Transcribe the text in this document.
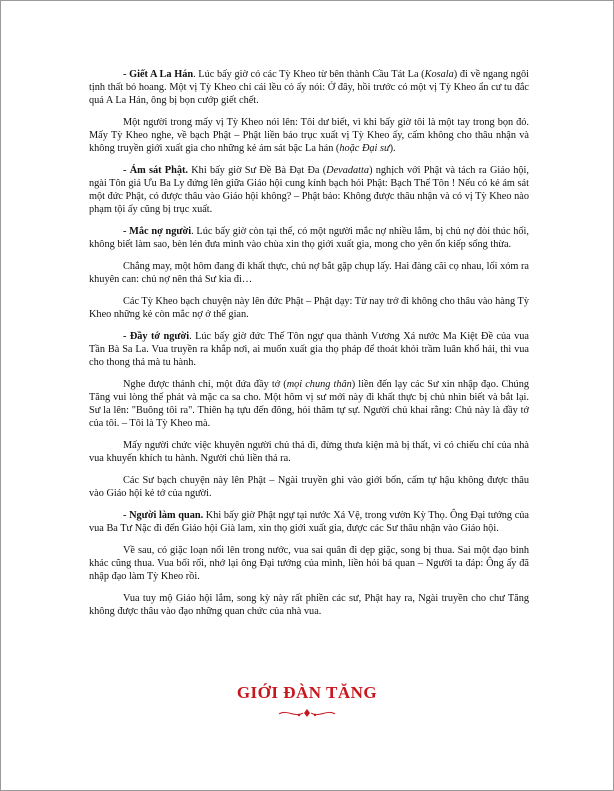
- Giết A La Hán. Lúc bấy giờ có các Tỳ Kheo từ bên thành Cầu Tát La (Kosala) đi về ngang ngôi tịnh thất bỏ hoang. Một vị Tỳ Kheo chỉ cái lều cỏ ấy nói: Ở đây, hồi trước có một vị Tỳ Kheo ẩn cư tu đắc quả A La Hán, ông bị bọn cướp giết chết.

Một người trong mấy vị Tỳ Kheo nói lên: Tôi dư biết, vì khi bấy giờ tôi là một tay trong bọn đó. Mấy Tỳ Kheo nghe, về bạch Phật – Phật liền bảo trục xuất vị Tỳ Kheo ấy, cấm không cho thâu nhận và không truyền giới xuất gia cho những kẻ ám sát bậc La hán (hoặc Đại sư).

- Ám sát Phật. Khi bấy giờ Sư Đề Bà Đạt Đa (Devadatta) nghịch với Phật và tách ra Giáo hội, ngài Tôn giả Ưu Ba Ly đứng lên giữa Giáo hội cung kính bạch hỏi Phật: Bạch Thế Tôn ! Nếu có kẻ ám sát một đức Phật, có được thâu vào Giáo hội không? – Phật bảo: Không được thâu nhận và có vị Tỳ Kheo nào phạm tội ấy cũng bị trục xuất.

- Mắc nợ người. Lúc bấy giờ còn tại thế, có một người mắc nợ nhiều lắm, bị chủ nợ đòi thúc hối, không biết làm sao, bèn lén đưa mình vào chùa xin thọ giới xuất gia, mong cho yên ổn kiếp sống thừa.

Chẳng may, một hôm đang đi khất thực, chủ nợ bắt gặp chụp lấy. Hai đàng cãi cọ nhau, lối xóm ra khuyên can: chủ nợ nên thả Sư kia đi…

Các Tỳ Kheo bạch chuyện này lên đức Phật – Phật dạy: Từ nay trở đi không cho thâu vào hàng Tỳ Kheo những kẻ còn mắc nợ ở thế gian.

- Đầy tớ người. Lúc bấy giờ đức Thế Tôn ngự qua thành Vương Xá nước Ma Kiệt Đề của vua Tần Bà Sa La. Vua truyền ra khắp nơi, ai muốn xuất gia thọ pháp để thoát khỏi trầm luân khổ hải, thì vua cho thong thả mà tu hành.

Nghe được thánh chỉ, một đứa đầy tớ (mọi chung thân) liền đến lạy các Sư xin nhập đạo. Chúng Tăng vui lòng thế phát và mặc ca sa cho. Một hôm vị sư mới này đi khất thực bị chủ nhìn biết và bắt lại. Sư la lên: "Buông tôi ra". Thiên hạ tựu đến đông, hỏi thăm tự sự. Người chủ khai rằng: Chủ này là đầy tớ của tôi. – Tôi là Tỳ Kheo mà.

Mấy người chức việc khuyên người chủ thả đi, đừng thưa kiện mà bị thất, vì có chiếu chỉ của nhà vua khuyến khích tu hành. Người chủ liền thả ra.

Các Sư bạch chuyện này lên Phật – Ngài truyền ghi vào giới bổn, cấm tự hậu không được thâu vào Giáo hội kẻ tớ của người.

- Người làm quan. Khi bấy giờ Phật ngự tại nước Xá Vệ, trong vườn Kỳ Thọ. Ông Đại tướng của vua Ba Tư Nặc đi đến Giáo hội Già lam, xin thọ giới xuất gia, được các Sư thâu nhận vào Giáo hội.

Về sau, có giặc loạn nổi lên trong nước, vua sai quân đi dẹp giặc, song bị thua. Sai một đạo binh khác cũng thua. Vua bối rối, nhớ lại ông Đại tướng của mình, liền hỏi bá quan – Người ta đáp: Ông ấy đã nhập đạo làm Tỳ Kheo rồi.

Vua tuy mộ Giáo hội lắm, song kỳ này rất phiền các sư, Phật hay ra, Ngài truyền cho chư Tăng không được thâu vào đạo những quan chức của nhà vua.

GIỚI ĐÀN TĂNG
